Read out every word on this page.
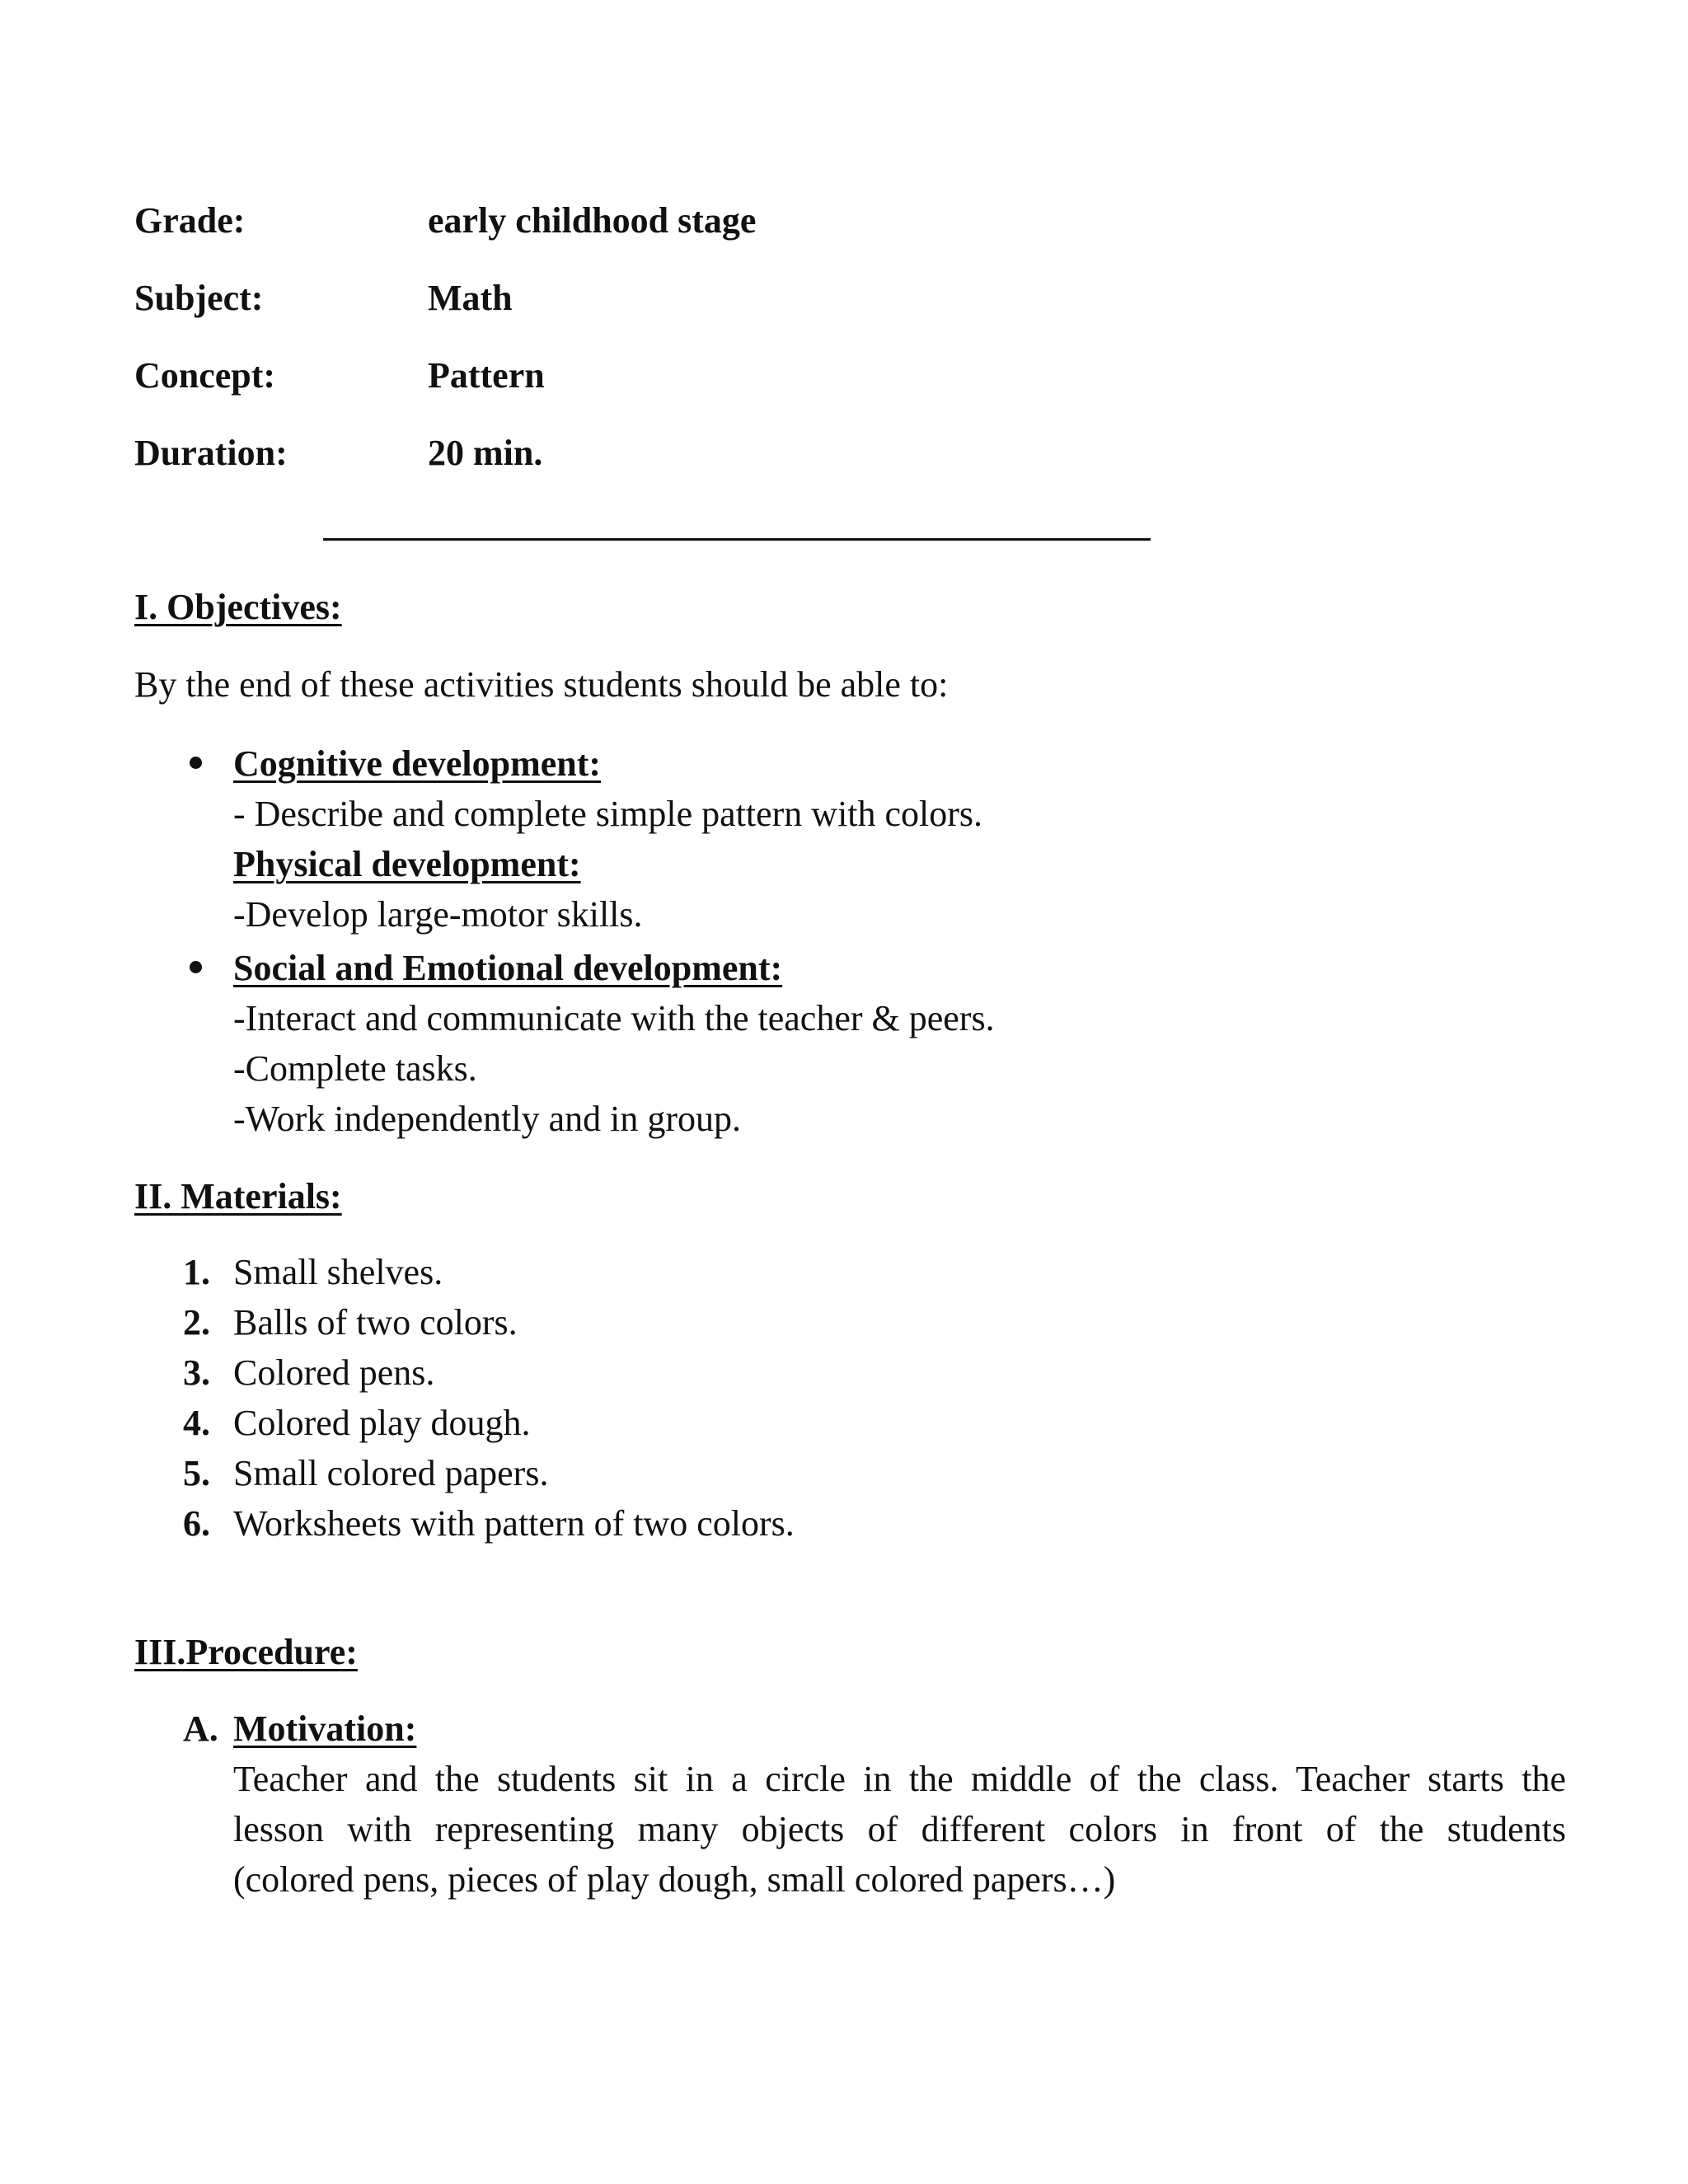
Grade:	early childhood stage
Subject:	Math
Concept:	Pattern
Duration:	20 min.
I. Objectives:
By the end of these activities students should be able to:
Cognitive development:
- Describe and complete simple pattern with colors.
Physical development:
-Develop large-motor skills.
Social and Emotional development:
-Interact and communicate with the teacher & peers.
-Complete tasks.
-Work independently and in group.
II. Materials:
1. Small shelves.
2. Balls of two colors.
3. Colored pens.
4. Colored play dough.
5. Small colored papers.
6. Worksheets with pattern of two colors.
III.Procedure:
A. Motivation:
Teacher and the students sit in a circle in the middle of the class. Teacher starts the
lesson with representing many objects of different colors in front of the students
(colored pens, pieces of play dough, small colored papers…)
